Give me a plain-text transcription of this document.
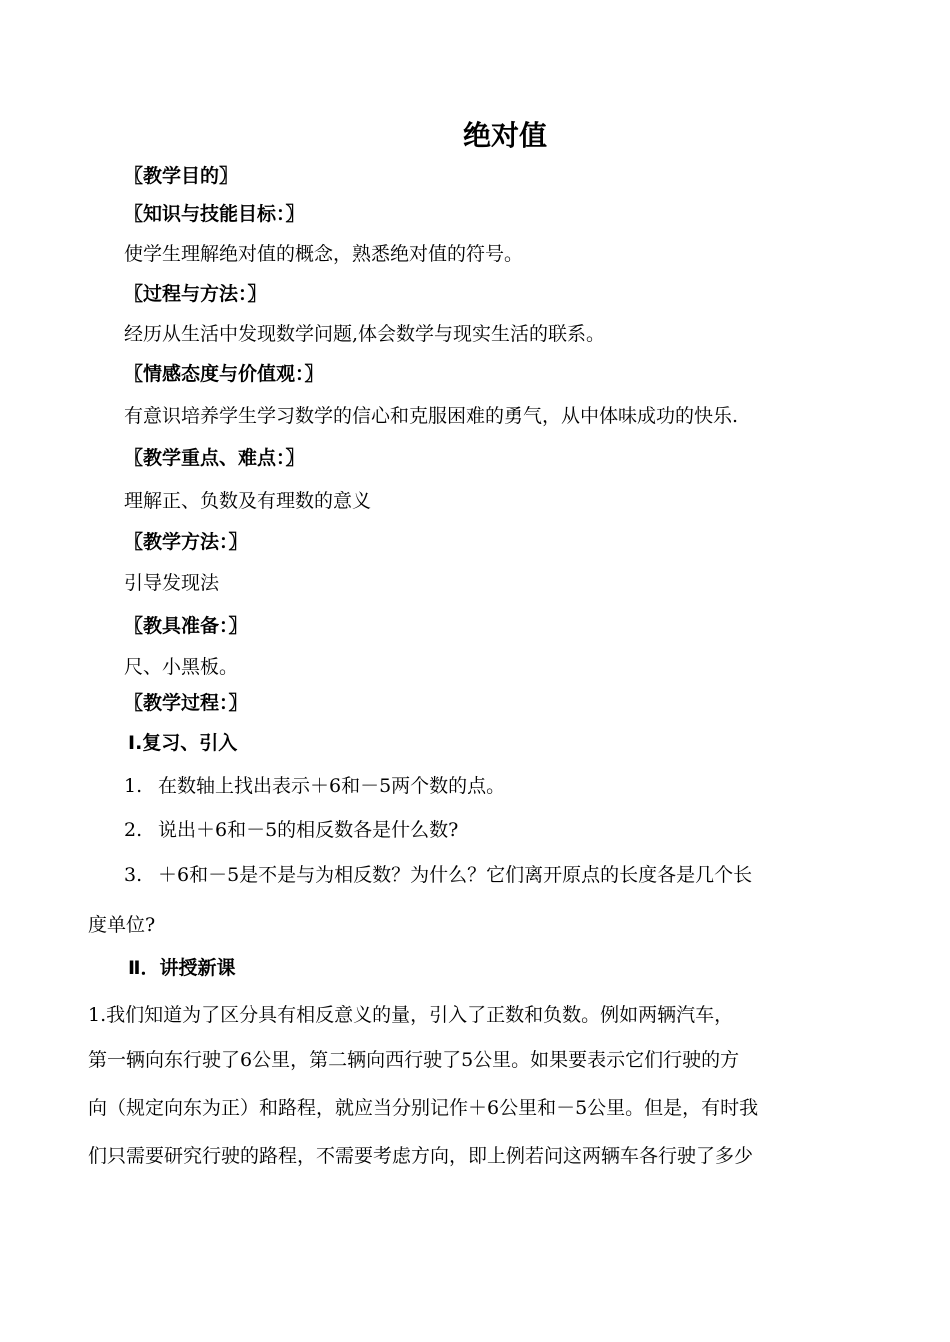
绝对值
〖教学目的〗
〖知识与技能目标：〗
使学生理解绝对值的概念，熟悉绝对值的符号。
〖过程与方法：〗
经历从生活中发现数学问题,体会数学与现实生活的联系。
〖情感态度与价值观：〗
有意识培养学生学习数学的信心和克服困难的勇气，从中体味成功的快乐.
〖教学重点、难点：〗
理解正、负数及有理数的意义
〖教学方法：〗
引导发现法
〖教具准备：〗
尺、小黑板。
〖教学过程：〗
Ⅰ.复习、引入
1. 在数轴上找出表示＋6和－5两个数的点。
2. 说出＋6和－5的相反数各是什么数?
3. ＋6和－5是不是与为相反数？为什么？它们离开原点的长度各是几个长
度单位?
Ⅱ．讲授新课
1.我们知道为了区分具有相反意义的量，引入了正数和负数。例如两辆汽车，
第一辆向东行驶了6公里，第二辆向西行驶了5公里。如果要表示它们行驶的方
向（规定向东为正）和路程，就应当分别记作＋6公里和－5公里。但是，有时我
们只需要研究行驶的路程，不需要考虑方向，即上例若问这两辆车各行驶了多少
